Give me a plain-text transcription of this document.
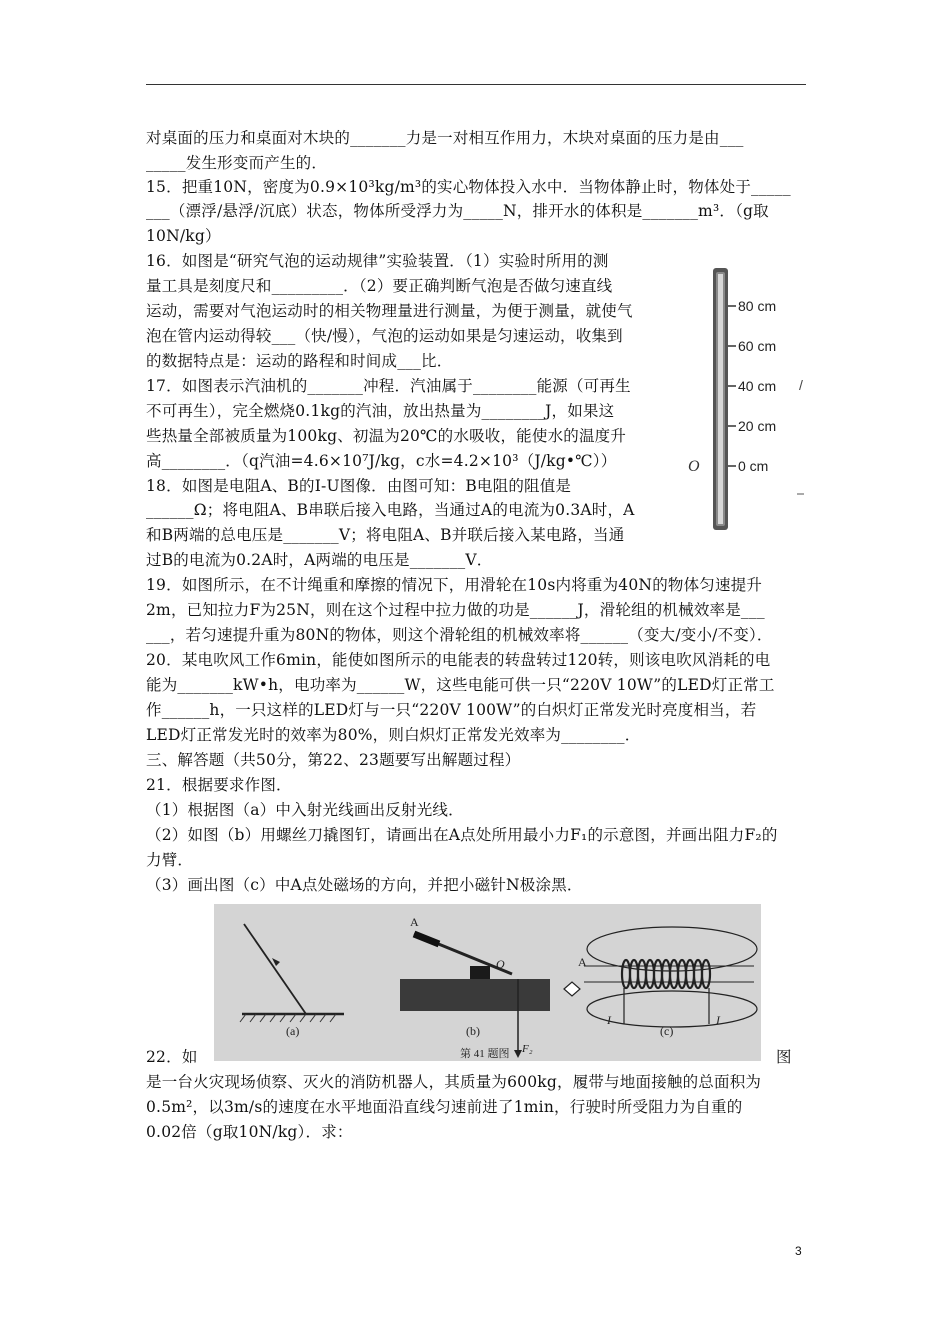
对桌面的压力和桌面对木块的_______力是一对相互作用力，木块对桌面的压力是由___
_____发生形变而产生的．
15．把重10N，密度为0.9×10³kg/m³的实心物体投入水中．当物体静止时，物体处于_____
___（漂浮/悬浮/沉底）状态，物体所受浮力为_____N，排开水的体积是_______m³．（g取
10N/kg）
16．如图是“研究气泡的运动规律”实验装置．（1）实验时所用的测
量工具是刻度尺和_________．（2）要正确判断气泡是否做匀速直线
运动，需要对气泡运动时的相关物理量进行测量，为便于测量，就使气
泡在管内运动得较___（快/慢），气泡的运动如果是匀速运动，收集到
的数据特点是：运动的路程和时间成___比．
17．如图表示汽油机的_______冲程．汽油属于________能源（可再生
不可再生），完全燃烧0.1kg的汽油，放出热量为________J，如果这
些热量全部被质量为100kg、初温为20℃的水吸收，能使水的温度升
高________．（q汽油=4.6×10⁷J/kg，c水=4.2×10³（J/kg•℃））
18．如图是电阻A、B的I-U图像．由图可知：B电阻的阻值是
______Ω；将电阻A、B串联后接入电路，当通过A的电流为0.3A时，A
和B两端的总电压是_______V；将电阻A、B并联后接入某电路，当通
过B的电流为0.2A时，A两端的电压是_______V．
19．如图所示，在不计绳重和摩擦的情况下，用滑轮在10s内将重为40N的物体匀速提升
2m，已知拉力F为25N，则在这个过程中拉力做的功是______J，滑轮组的机械效率是___
___，若匀速提升重为80N的物体，则这个滑轮组的机械效率将______（变大/变小/不变）．
20．某电吹风工作6min，能使如图所示的电能表的转盘转过120转，则该电吹风消耗的电
能为_______kW•h，电功率为______W，这些电能可供一只“220V 10W”的LED灯正常工
作______h，一只这样的LED灯与一只“220V 100W”的白炽灯正常发光时亮度相当，若
LED灯正常发光时的效率为80%，则白炽灯正常发光效率为________．
三、解答题（共50分，第22、23题要写出解题过程）
21．根据要求作图．
（1）根据图（a）中入射光线画出反射光线．
（2）如图（b）用螺丝刀撬图钉，请画出在A点处所用最小力F₁的示意图，并画出阻力F₂的
力臂．
（3）画出图（c）中A点处磁场的方向，并把小磁针N极涂黑．
22．如	图
是一台火灾现场侦察、灭火的消防机器人，其质量为600kg，履带与地面接触的总面积为
0.5m²，以3m/s的速度在水平地面沿直线匀速前进了1min，行驶时所受阻力为自重的
0.02倍（g取10N/kg）．求：
80 cm
60 cm
40 cm
20 cm
0 cm
O
/
(a)
A
O
F₂
(b)
A
I	I
(c)
第 41 题图
3
